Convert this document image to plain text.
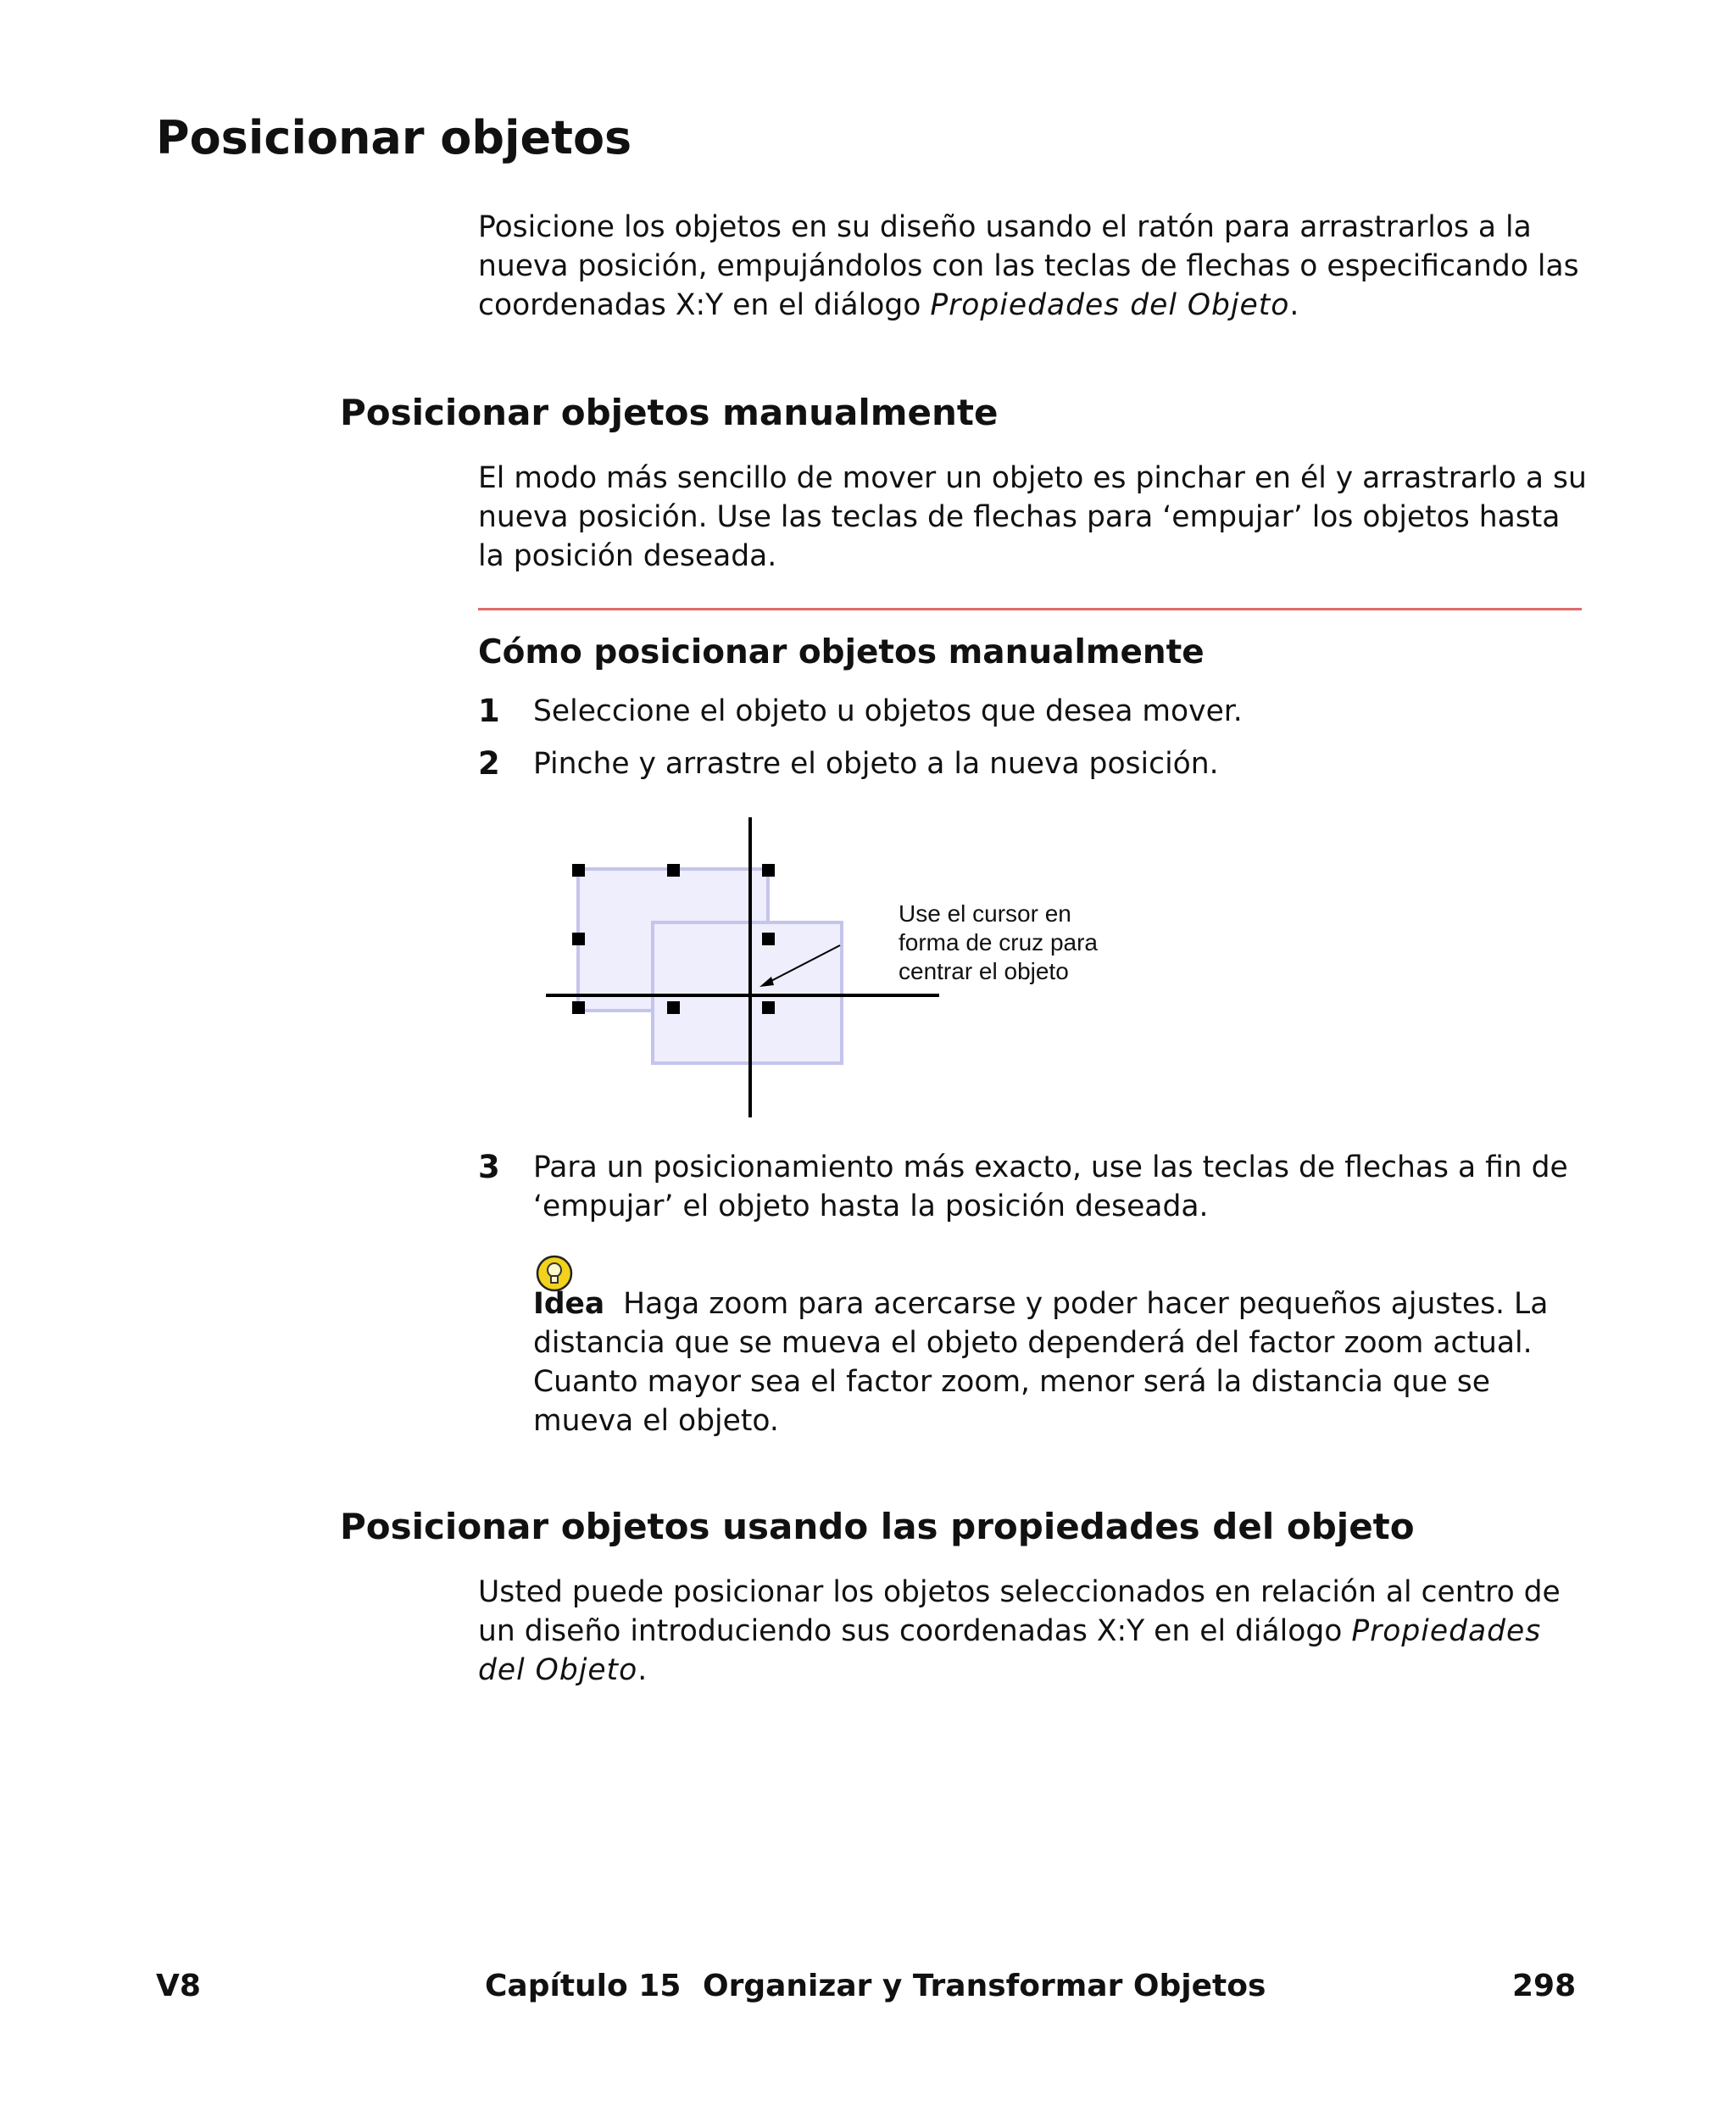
Posicionar objetos

Posicione los objetos en su diseño usando el ratón para arrastrarlos a la nueva posición, empujándolos con las teclas de flechas o especificando las coordenadas X:Y en el diálogo Propiedades del Objeto.

Posicionar objetos manualmente

El modo más sencillo de mover un objeto es pinchar en él y arrastrarlo a su nueva posición. Use las teclas de flechas para ‘empujar’ los objetos hasta la posición deseada.

Cómo posicionar objetos manualmente
1 Seleccione el objeto u objetos que desea mover.

2 Pinche y arrastre el objeto a la nueva posición.

Use el cursor en
forma de cruz para
centrar el objeto
3 Para un posicionamiento más exacto, use las teclas de flechas a fin de ‘empujar’ el objeto hasta la posición deseada.

Idea Haga zoom para acercarse y poder hacer pequeños ajustes. La distancia que se mueva el objeto dependerá del factor zoom actual. Cuanto mayor sea el factor zoom, menor será la distancia que se mueva el objeto.

Posicionar objetos usando las propiedades del objeto

Usted puede posicionar los objetos seleccionados en relación al centro de un diseño introduciendo sus coordenadas X:Y en el diálogo Propiedades del Objeto.

V8	Capítulo 15 Organizar y Transformar Objetos	298
